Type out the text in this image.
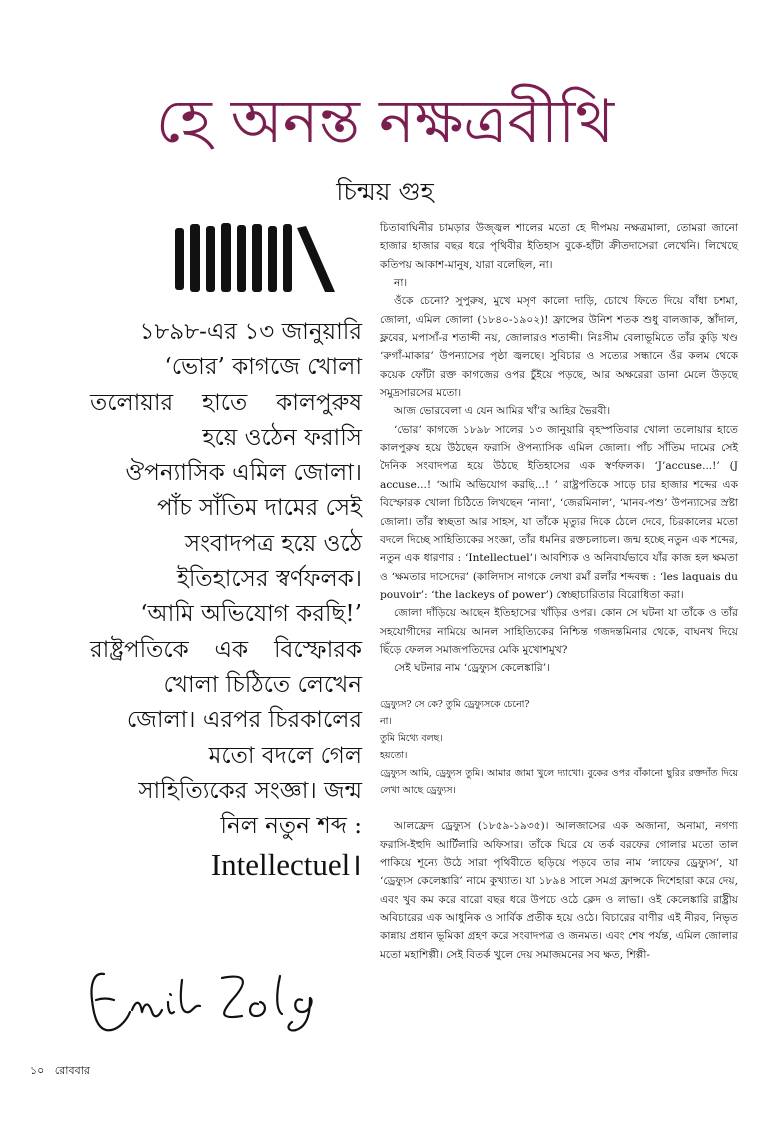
হে অনন্ত নক্ষত্রবীথি
চিন্ময় গুহ
১৮৯৮-এর ১৩ জানুয়ারি
‘ভোর’ কাগজে খোলা
তলোয়ার হাতে কালপুরুষ
হয়ে ওঠেন ফরাসি
ঔপন্যাসিক এমিল জোলা।
পাঁচ সাঁতিম দামের সেই
সংবাদপত্র হয়ে ওঠে
ইতিহাসের স্বর্ণফলক।
‘আমি অভিযোগ করছি!’
রাষ্ট্রপতিকে এক বিস্ফোরক
খোলা চিঠিতে লেখেন
জোলা। এরপর চিরকালের
মতো বদলে গেল
সাহিত্যিকের সংজ্ঞা। জন্ম
নিল নতুন শব্দ :
Intellectuel।
১০ রোববার

চিতাবাঘিনীর চামড়ার উজ্জ্বল শালের মতো হে দীপময় নক্ষত্রমালা, তোমরা জানো হাজার হাজার বছর ধরে পৃথিবীর ইতিহাস বুকে-হাঁটা ক্রীতদাসেরা লেখেনি। লিখেছে কতিপয় আকাশ-মানুষ, যারা বলেছিল, না।

না।

ওঁকে চেনো? সুপুরুষ, মুখে মসৃণ কালো দাড়ি, চোখে ফিতে দিয়ে বাঁধা চশমা, জোলা, এমিল জোলা (১৮৪০-১৯০২)! ফ্রান্সের উনিশ শতক শুধু বালজাক, স্তাঁদাল, ফ্লবের, মপাসাঁ-র শতাব্দী নয়, জোলারও শতাব্দী। নিঃসীম বেলাভূমিতে তাঁর কুড়ি খণ্ড ‘রুগাঁ-মাকার’ উপন্যাসের পৃষ্ঠা জ্বলছে। সুবিচার ও সত্যের সন্ধানে ওঁর কলম থেকে কয়েক ফোঁটা রক্ত কাগজের ওপর চুঁইয়ে পড়ছে, আর অক্ষরেরা ডানা মেলে উড়ছে সমুদ্রসারসের মতো।

আজ ভোরবেলা এ যেন আমির খাঁ’র আহির ভৈরবী।

‘ভোর’ কাগজে ১৮৯৮ সালের ১৩ জানুয়ারি বৃহস্পতিবার খোলা তলোয়ার হাতে কালপুরুষ হয়ে উঠছেন ফরাসি ঔপন্যাসিক এমিল জোলা। পাঁচ সাঁতিম দামের সেই দৈনিক সংবাদপত্র হয়ে উঠছে ইতিহাসের এক স্বর্ণফলক। ‘J’accuse...!’ (J accuse...! ‘আমি অভিযোগ করছি...! ’ রাষ্ট্রপতিকে সাড়ে চার হাজার শব্দের এক বিস্ফোরক খোলা চিঠিতে লিখছেন ‘নানা’, ‘জেরমিনাল’, ‘মানব-পশু’ উপন্যাসের স্রষ্টা জোলা। তাঁর স্বচ্ছতা আর সাহস, যা তাঁকে মৃত্যুর দিকে ঠেলে দেবে, চিরকালের মতো বদলে দিচ্ছে সাহিত্যিকের সংজ্ঞা, তাঁর ধমনির রক্তচলাচল। জন্ম হচ্ছে নতুন এক শব্দের, নতুন এক ধারণার : ‘Intellectuel’। আবশ্যিক ও অনিবার্যভাবে যাঁর কাজ হল ক্ষমতা ও ‘ক্ষমতার দাসেদের’ (কালিদাস নাগকে লেখা রমাঁ রলাঁর শব্দবন্ধ : ‘les laquais du pouvoir’: ‘the lackeys of power’) স্বেচ্ছাচারিতার বিরোধিতা করা।

জোলা দাঁড়িয়ে আছেন ইতিহাসের খাঁড়ির ওপর। কোন সে ঘটনা যা তাঁকে ও তাঁর সহযোগীদের নামিয়ে আনল সাহিত্যিকের নিশ্চিন্ত গজদন্তমিনার থেকে, বাঘনখ দিয়ে ছিঁড়ে ফেলল সমাজপতিদের মেকি মুখোশমুখ?

সেই ঘটনার নাম ‘ড্রেফ্যুস কেলেঙ্কারি’।

ড্রেফ্যুস? সে কে? তুমি ড্রেফ্যুসকে চেনো?

না।

তুমি মিথ্যে বলছ।

হয়তো।

ড্রেফ্যুস আমি, ড্রেফ্যুস তুমি। আমার জামা খুলে দ্যাখো। বুকের ওপর বাঁকানো ছুরির রক্তদাঁত দিয়ে লেখা আছে ড্রেফ্যুস।

আলফ্রেদ ড্রেফ্যুস (১৮৫৯-১৯৩৫)। আলজাসের এক অজানা, অনামা, নগণ্য ফরাসি-ইহুদি আর্টিলারি অফিসার। তাঁকে ঘিরে যে তর্ক বরফের গোলার মতো তাল পাকিয়ে শূন্যে উঠে সারা পৃথিবীতে ছড়িয়ে পড়বে তার নাম ‘লাফের ড্রেফ্যুস’, যা ‘ড্রেফ্যুস কেলেঙ্কারি’ নামে কুখ্যাত। যা ১৮৯৪ সালে সমগ্র ফ্রান্সকে দিশেহারা করে দেয়, এবং খুব কম করে বারো বছর ধরে উপচে ওঠে ক্লেদ ও লাভা। ওই কেলেঙ্কারি রাষ্ট্রীয় অবিচারের এক আধুনিক ও সার্বিক প্রতীক হয়ে ওঠে। বিচারের বাণীর এই নীরব, নিভৃত কান্নায় প্রধান ভূমিকা গ্রহণ করে সংবাদপত্র ও জনমত। এবং শেষ পর্যন্ত, এমিল জোলার মতো মহাশিল্পী। সেই বিতর্ক খুলে দেয় সমাজমনের সব ক্ষত, শিল্পী-
